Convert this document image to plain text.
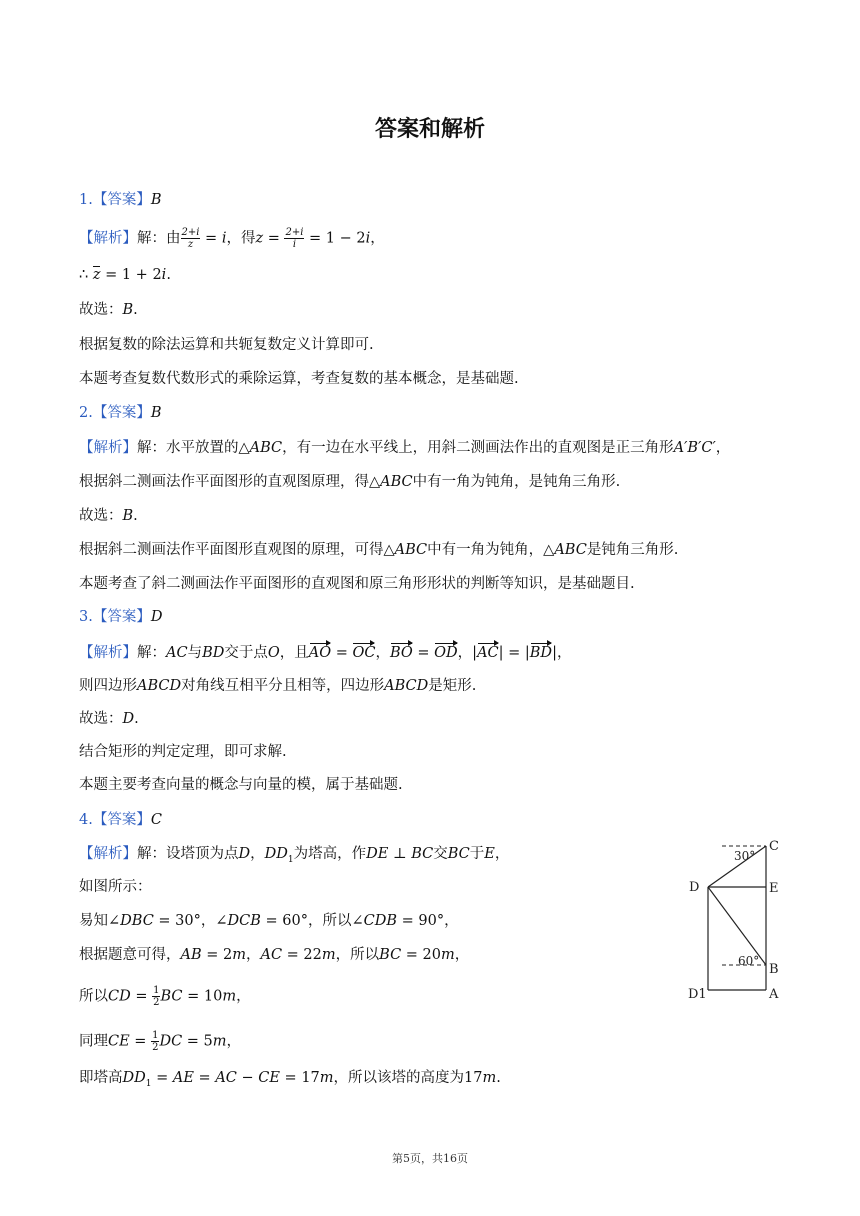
答案和解析
1.【答案】B
【解析】解：由 $\frac{2+i}{z} = i$，得$z = \frac{2+i}{i} = 1 - 2i$，
∴ z = 1 + 2i.
故选：B.
根据复数的除法运算和共轭复数定义计算即可.
本题考查复数代数形式的乘除运算，考查复数的基本概念，是基础题.
2.【答案】B
【解析】解：水平放置的△ABC，有一边在水平线上，用斜二测画法作出的直观图是正三角形A′B′C′，
根据斜二测画法作平面图形的直观图原理，得△ABC中有一角为钝角，是钝角三角形.
故选：B.
根据斜二测画法作平面图形直观图的原理，可得△ABC中有一角为钝角，△ABC是钝角三角形.
本题考查了斜二测画法作平面图形的直观图和原三角形形状的判断等知识，是基础题目.
3.【答案】D
【解析】解：AC与BD交于点O，且AO = OC，BO = OD，|AC| = |BD|，
则四边形ABCD对角线互相平分且相等，四边形ABCD是矩形.
故选：D.
结合矩形的判定定理，即可求解.
本题主要考查向量的概念与向量的模，属于基础题.
4.【答案】C
【解析】解：设塔顶为点D，$DD_1$为塔高，作DE ⊥ BC交BC于E，
如图所示：
易知∠DBC = 30°，∠DCB = 60°，所以∠CDB = 90°，
根据题意可得，AB = 2m，AC = 22m，所以BC = 20m，
所以CD = $\frac{1}{2}$ BC = 10m，
同理CE = $\frac{1}{2}$ DC = 5m，
即塔高$DD_1$ = AE = AC − CE = 17m，所以该塔的高度为17m.
C
E
D
B
D1	A
30°
60°
第5页，共16页
